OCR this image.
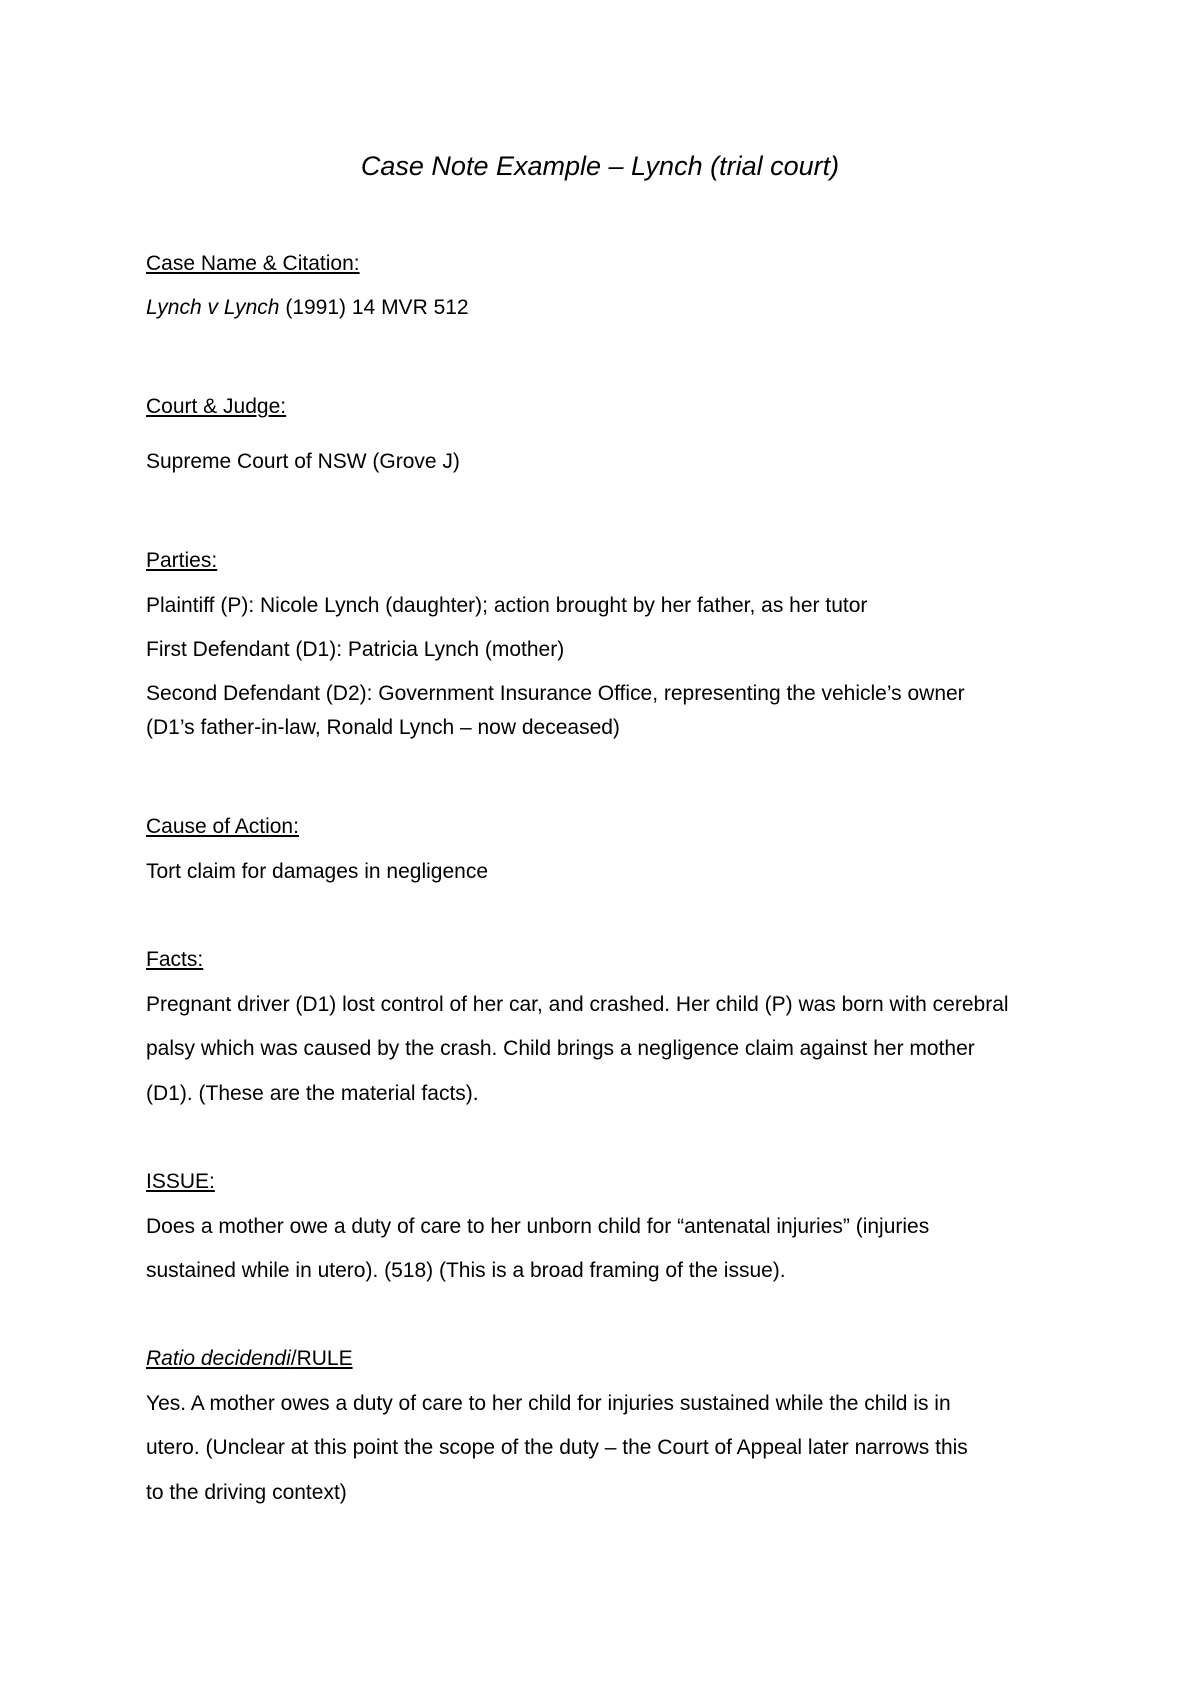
Case Note Example – Lynch (trial court)

Case Name & Citation:

Lynch v Lynch (1991) 14 MVR 512

Court & Judge:

Supreme Court of NSW (Grove J)

Parties:

Plaintiff (P): Nicole Lynch (daughter); action brought by her father, as her tutor

First Defendant (D1): Patricia Lynch (mother)

Second Defendant (D2): Government Insurance Office, representing the vehicle’s owner

(D1’s father-in-law, Ronald Lynch – now deceased)

Cause of Action:

Tort claim for damages in negligence

Facts:

Pregnant driver (D1) lost control of her car, and crashed. Her child (P) was born with cerebral

palsy which was caused by the crash. Child brings a negligence claim against her mother

(D1). (These are the material facts).

ISSUE:

Does a mother owe a duty of care to her unborn child for “antenatal injuries” (injuries

sustained while in utero). (518) (This is a broad framing of the issue).

Ratio decidendi/RULE

Yes. A mother owes a duty of care to her child for injuries sustained while the child is in

utero. (Unclear at this point the scope of the duty – the Court of Appeal later narrows this

to the driving context)
